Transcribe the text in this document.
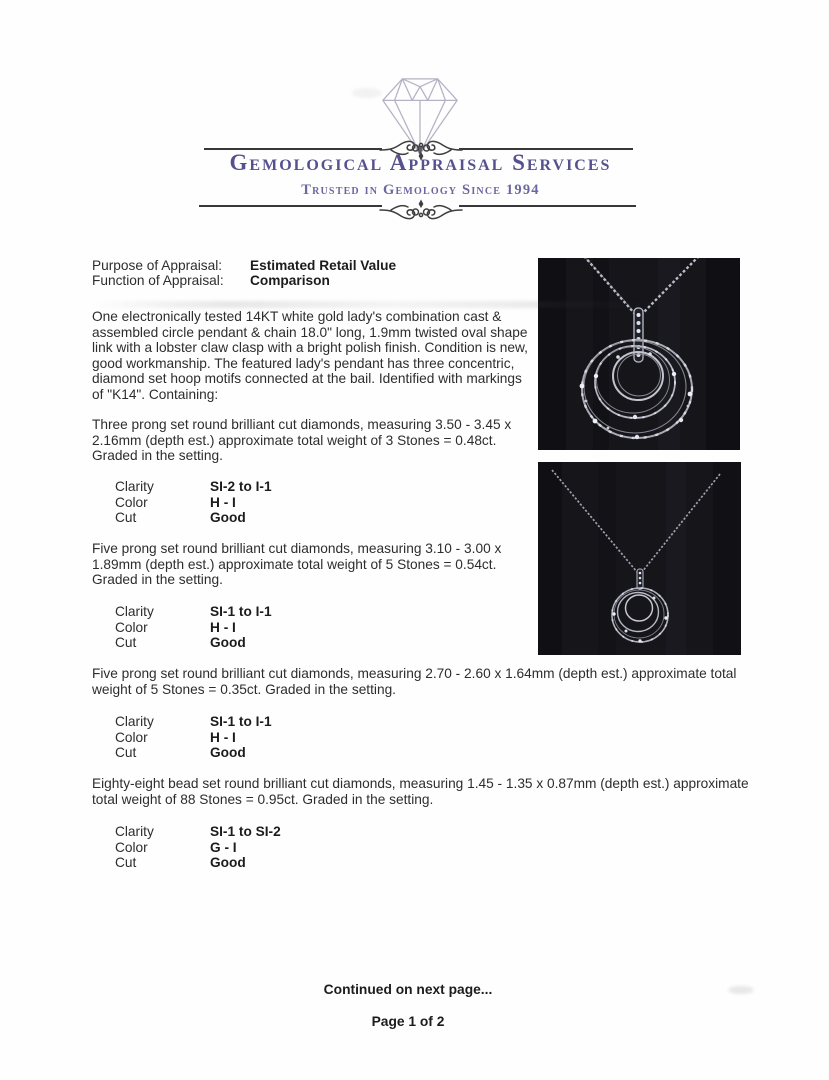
Gemological Appraisal Services
Trusted in Gemology Since 1994
Purpose of Appraisal: Estimated Retail Value
Function of Appraisal: Comparison

One electronically tested 14KT white gold lady's combination cast & assembled circle pendant & chain 18.0" long, 1.9mm twisted oval shape link with a lobster claw clasp with a bright polish finish. Condition is new, good workmanship. The featured lady's pendant has three concentric, diamond set hoop motifs connected at the bail. Identified with markings of "K14". Containing:

Three prong set round brilliant cut diamonds, measuring 3.50 - 3.45 x 2.16mm (depth est.) approximate total weight of 3 Stones = 0.48ct. Graded in the setting.

Clarity	SI-2 to I-1
Color	H - I
Cut	Good

Five prong set round brilliant cut diamonds, measuring 3.10 - 3.00 x 1.89mm (depth est.) approximate total weight of 5 Stones = 0.54ct. Graded in the setting.

Clarity	SI-1 to I-1
Color	H - I
Cut	Good

Five prong set round brilliant cut diamonds, measuring 2.70 - 2.60 x 1.64mm (depth est.) approximate total weight of 5 Stones = 0.35ct. Graded in the setting.

Clarity	SI-1 to I-1
Color	H - I
Cut	Good

Eighty-eight bead set round brilliant cut diamonds, measuring 1.45 - 1.35 x 0.87mm (depth est.) approximate total weight of 88 Stones = 0.95ct. Graded in the setting.

Clarity	SI-1 to SI-2
Color	G - I
Cut	Good

Continued on next page...

Page 1 of 2
